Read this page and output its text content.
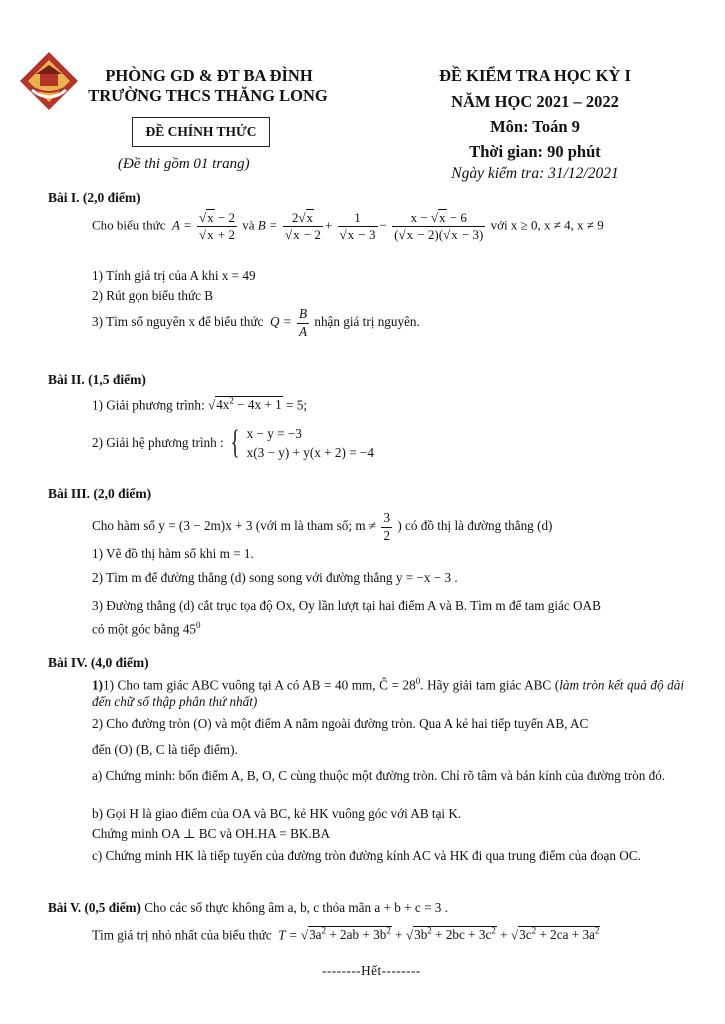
PHÒNG GD & ĐT BA ĐÌNH
TRƯỜNG THCS THĂNG LONG
ĐỀ CHÍNH THỨC
(Đề thi gồm 01 trang)
ĐỀ KIỂM TRA HỌC KỲ I
NĂM HỌC 2021 – 2022
Môn: Toán 9
Thời gian: 90 phút
Ngày kiểm tra: 31/12/2021
Bài I. (2,0 điểm)
Cho biểu thức  $A = \frac{√x - 2}{√x + 2}$ và $B = \frac{2√x}{√x - 2} + \frac{1}{√x - 3} - \frac{x - √x - 6}{(√x - 2)(√x - 3)}$ với x ≥ 0, x ≠ 4, x ≠ 9
1) Tính giá trị của A khi x = 49
2) Rút gọn biểu thức B
3) Tìm số nguyên x để biểu thức  $Q = \frac{B}{A}$ nhận giá trị nguyên.
Bài II. (1,5 điểm)
1) Giải phương trình: $√4x^2 - 4x + 1 = 5$;
2) Giải hệ phương trình : { x − y = −3
x(3 − y) + y(x + 2) = −4
Bài III. (2,0 điểm)
Cho hàm số y = (3 − 2m)x + 3 (với m là tham số; $m \ne \frac{3}{2}$ ) có đồ thị là đường thẳng (d)
1) Vẽ đồ thị hàm số khi m = 1.
2) Tìm m để đường thẳng (d) song song với đường thẳng y = −x − 3 .
3) Đường thẳng (d) cắt trục tọa độ Ox, Oy lần lượt tại hai điểm A và B. Tìm m để tam giác OAB
có một góc bằng $45^0$
Bài IV. (4,0 điểm)
1)1) Cho tam giác ABC vuông tại A có AB = 40 mm, Ĉ = $28^0$. Hãy giải tam giác ABC (làm tròn kết quả độ dài đến chữ số thập phân thứ nhất)
2) Cho đường tròn (O) và một điểm A nằm ngoài đường tròn. Qua A kẻ hai tiếp tuyến AB, AC
đến (O) (B, C là tiếp điểm).
a) Chứng minh: bốn điểm A, B, O, C cùng thuộc một đường tròn. Chỉ rõ tâm và bán kính của đường tròn đó.
b) Gọi H là giao điểm của OA và BC, kẻ HK vuông góc với AB tại K.
Chứng minh OA ⊥ BC và OH.HA = BK.BA
c) Chứng minh HK là tiếp tuyến của đường tròn đường kính AC và HK đi qua trung điểm của đoạn OC.
Bài V. (0,5 điểm) Cho các số thực không âm a, b, c thỏa mãn a + b + c = 3 .
Tìm giá trị nhỏ nhất của biểu thức  $T = √3a^2 + 2ab + 3b^2 + √3b^2 + 2bc + 3c^2 + √3c^2 + 2ca + 3a^2$
--------Hết--------
